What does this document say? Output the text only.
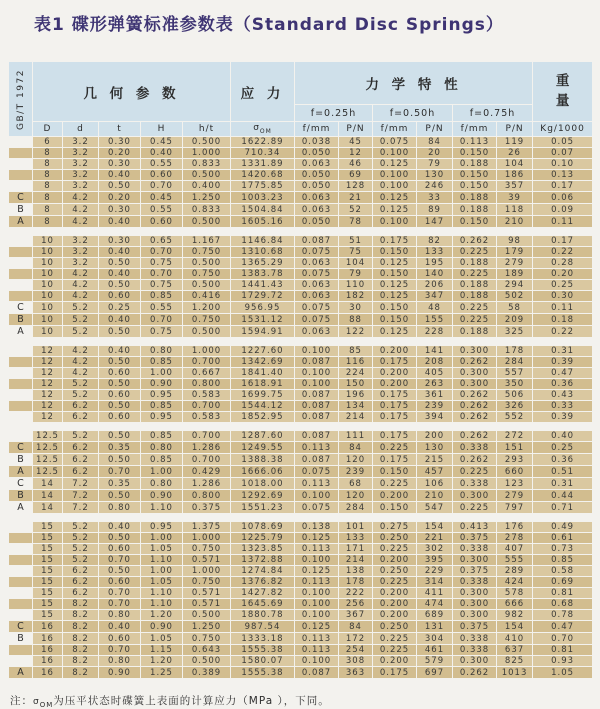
表1 碟形弹簧标准参数表（Standard Disc Springs）
GB/T 1972	几 何 参 数					应 力	力 学 特 性						重
量

							f=0.25h		f=0.50h		f=0.75h		
	D	d	t	H	h/t	$\sigma_{OM}$	f/mm	P/N	f/mm	P/N	f/mm	P/N	Kg/1000
	6	3.2	0.30	0.45	0.500	1622.89	0.038	45	0.075	84	0.113	119	0.05
	8	3.2	0.20	0.40	1.000	710.34	0.050	12	0.100	20	0.150	26	0.07
	8	3.2	0.30	0.55	0.833	1331.89	0.063	46	0.125	79	0.188	104	0.10
	8	3.2	0.40	0.60	0.500	1420.68	0.050	69	0.100	130	0.150	186	0.13
	8	3.2	0.50	0.70	0.400	1775.85	0.050	128	0.100	246	0.150	357	0.17
C	8	4.2	0.20	0.45	1.250	1003.23	0.063	21	0.125	33	0.188	39	0.06
B	8	4.2	0.30	0.55	0.833	1504.84	0.063	52	0.125	89	0.188	118	0.09
A	8	4.2	0.40	0.60	0.500	1605.16	0.050	78	0.100	147	0.150	210	0.11

	10	3.2	0.30	0.65	1.167	1146.84	0.087	51	0.175	82	0.262	98	0.17
	10	3.2	0.40	0.70	0.750	1310.68	0.075	75	0.150	133	0.225	179	0.22
	10	3.2	0.50	0.75	0.500	1365.29	0.063	104	0.125	195	0.188	279	0.28
	10	4.2	0.40	0.70	0.750	1383.78	0.075	79	0.150	140	0.225	189	0.20
	10	4.2	0.50	0.75	0.500	1441.43	0.063	110	0.125	206	0.188	294	0.25
	10	4.2	0.60	0.85	0.416	1729.72	0.063	182	0.125	347	0.188	502	0.30
C	10	5.2	0.25	0.55	1.200	956.95	0.075	30	0.150	48	0.225	58	0.11
B	10	5.2	0.40	0.70	0.750	1531.12	0.075	88	0.150	155	0.225	209	0.18
A	10	5.2	0.50	0.75	0.500	1594.91	0.063	122	0.125	228	0.188	325	0.22

	12	4.2	0.40	0.80	1.000	1227.60	0.100	85	0.200	141	0.300	178	0.31
	12	4.2	0.50	0.85	0.700	1342.69	0.087	116	0.175	208	0.262	284	0.39
	12	4.2	0.60	1.00	0.667	1841.40	0.100	224	0.200	405	0.300	557	0.47
	12	5.2	0.50	0.90	0.800	1618.91	0.100	150	0.200	263	0.300	350	0.36
	12	5.2	0.60	0.95	0.583	1699.75	0.087	196	0.175	361	0.262	506	0.43
	12	6.2	0.50	0.85	0.700	1544.12	0.087	134	0.175	239	0.262	326	0.33
	12	6.2	0.60	0.95	0.583	1852.95	0.087	214	0.175	394	0.262	552	0.39

	12.5	5.2	0.50	0.85	0.700	1287.60	0.087	111	0.175	200	0.262	272	0.40
C	12.5	6.2	0.35	0.80	1.286	1249.55	0.113	84	0.225	130	0.338	151	0.25
B	12.5	6.2	0.50	0.85	0.700	1388.38	0.087	120	0.175	215	0.262	293	0.36
A	12.5	6.2	0.70	1.00	0.429	1666.06	0.075	239	0.150	457	0.225	660	0.51
C	14	7.2	0.35	0.80	1.286	1018.00	0.113	68	0.225	106	0.338	123	0.31
B	14	7.2	0.50	0.90	0.800	1292.69	0.100	120	0.200	210	0.300	279	0.44
A	14	7.2	0.80	1.10	0.375	1551.23	0.075	284	0.150	547	0.225	797	0.71

	15	5.2	0.40	0.95	1.375	1078.69	0.138	101	0.275	154	0.413	176	0.49
	15	5.2	0.50	1.00	1.000	1225.79	0.125	133	0.250	221	0.375	278	0.61
	15	5.2	0.60	1.05	0.750	1323.85	0.113	171	0.225	302	0.338	407	0.73
	15	5.2	0.70	1.10	0.571	1372.88	0.100	214	0.200	395	0.300	555	0.85
	15	6.2	0.50	1.00	1.000	1274.84	0.125	138	0.250	229	0.375	289	0.58
	15	6.2	0.60	1.05	0.750	1376.82	0.113	178	0.225	314	0.338	424	0.69
	15	6.2	0.70	1.10	0.571	1427.82	0.100	222	0.200	411	0.300	578	0.81
	15	8.2	0.70	1.10	0.571	1645.69	0.100	256	0.200	474	0.300	666	0.68
	15	8.2	0.80	1.20	0.500	1880.78	0.100	367	0.200	689	0.300	982	0.78
C	16	8.2	0.40	0.90	1.250	987.54	0.125	84	0.250	131	0.375	154	0.47
B	16	8.2	0.60	1.05	0.750	1333.18	0.113	172	0.225	304	0.338	410	0.70
	16	8.2	0.70	1.15	0.643	1555.38	0.113	254	0.225	461	0.338	637	0.81
	16	8.2	0.80	1.20	0.500	1580.07	0.100	308	0.200	579	0.300	825	0.93
A	16	8.2	0.90	1.25	0.389	1555.38	0.087	363	0.175	697	0.262	1013	1.05
注：$\sigma_{OM}$为压平状态时碟簧上表面的计算应力（MPa ），下同。
